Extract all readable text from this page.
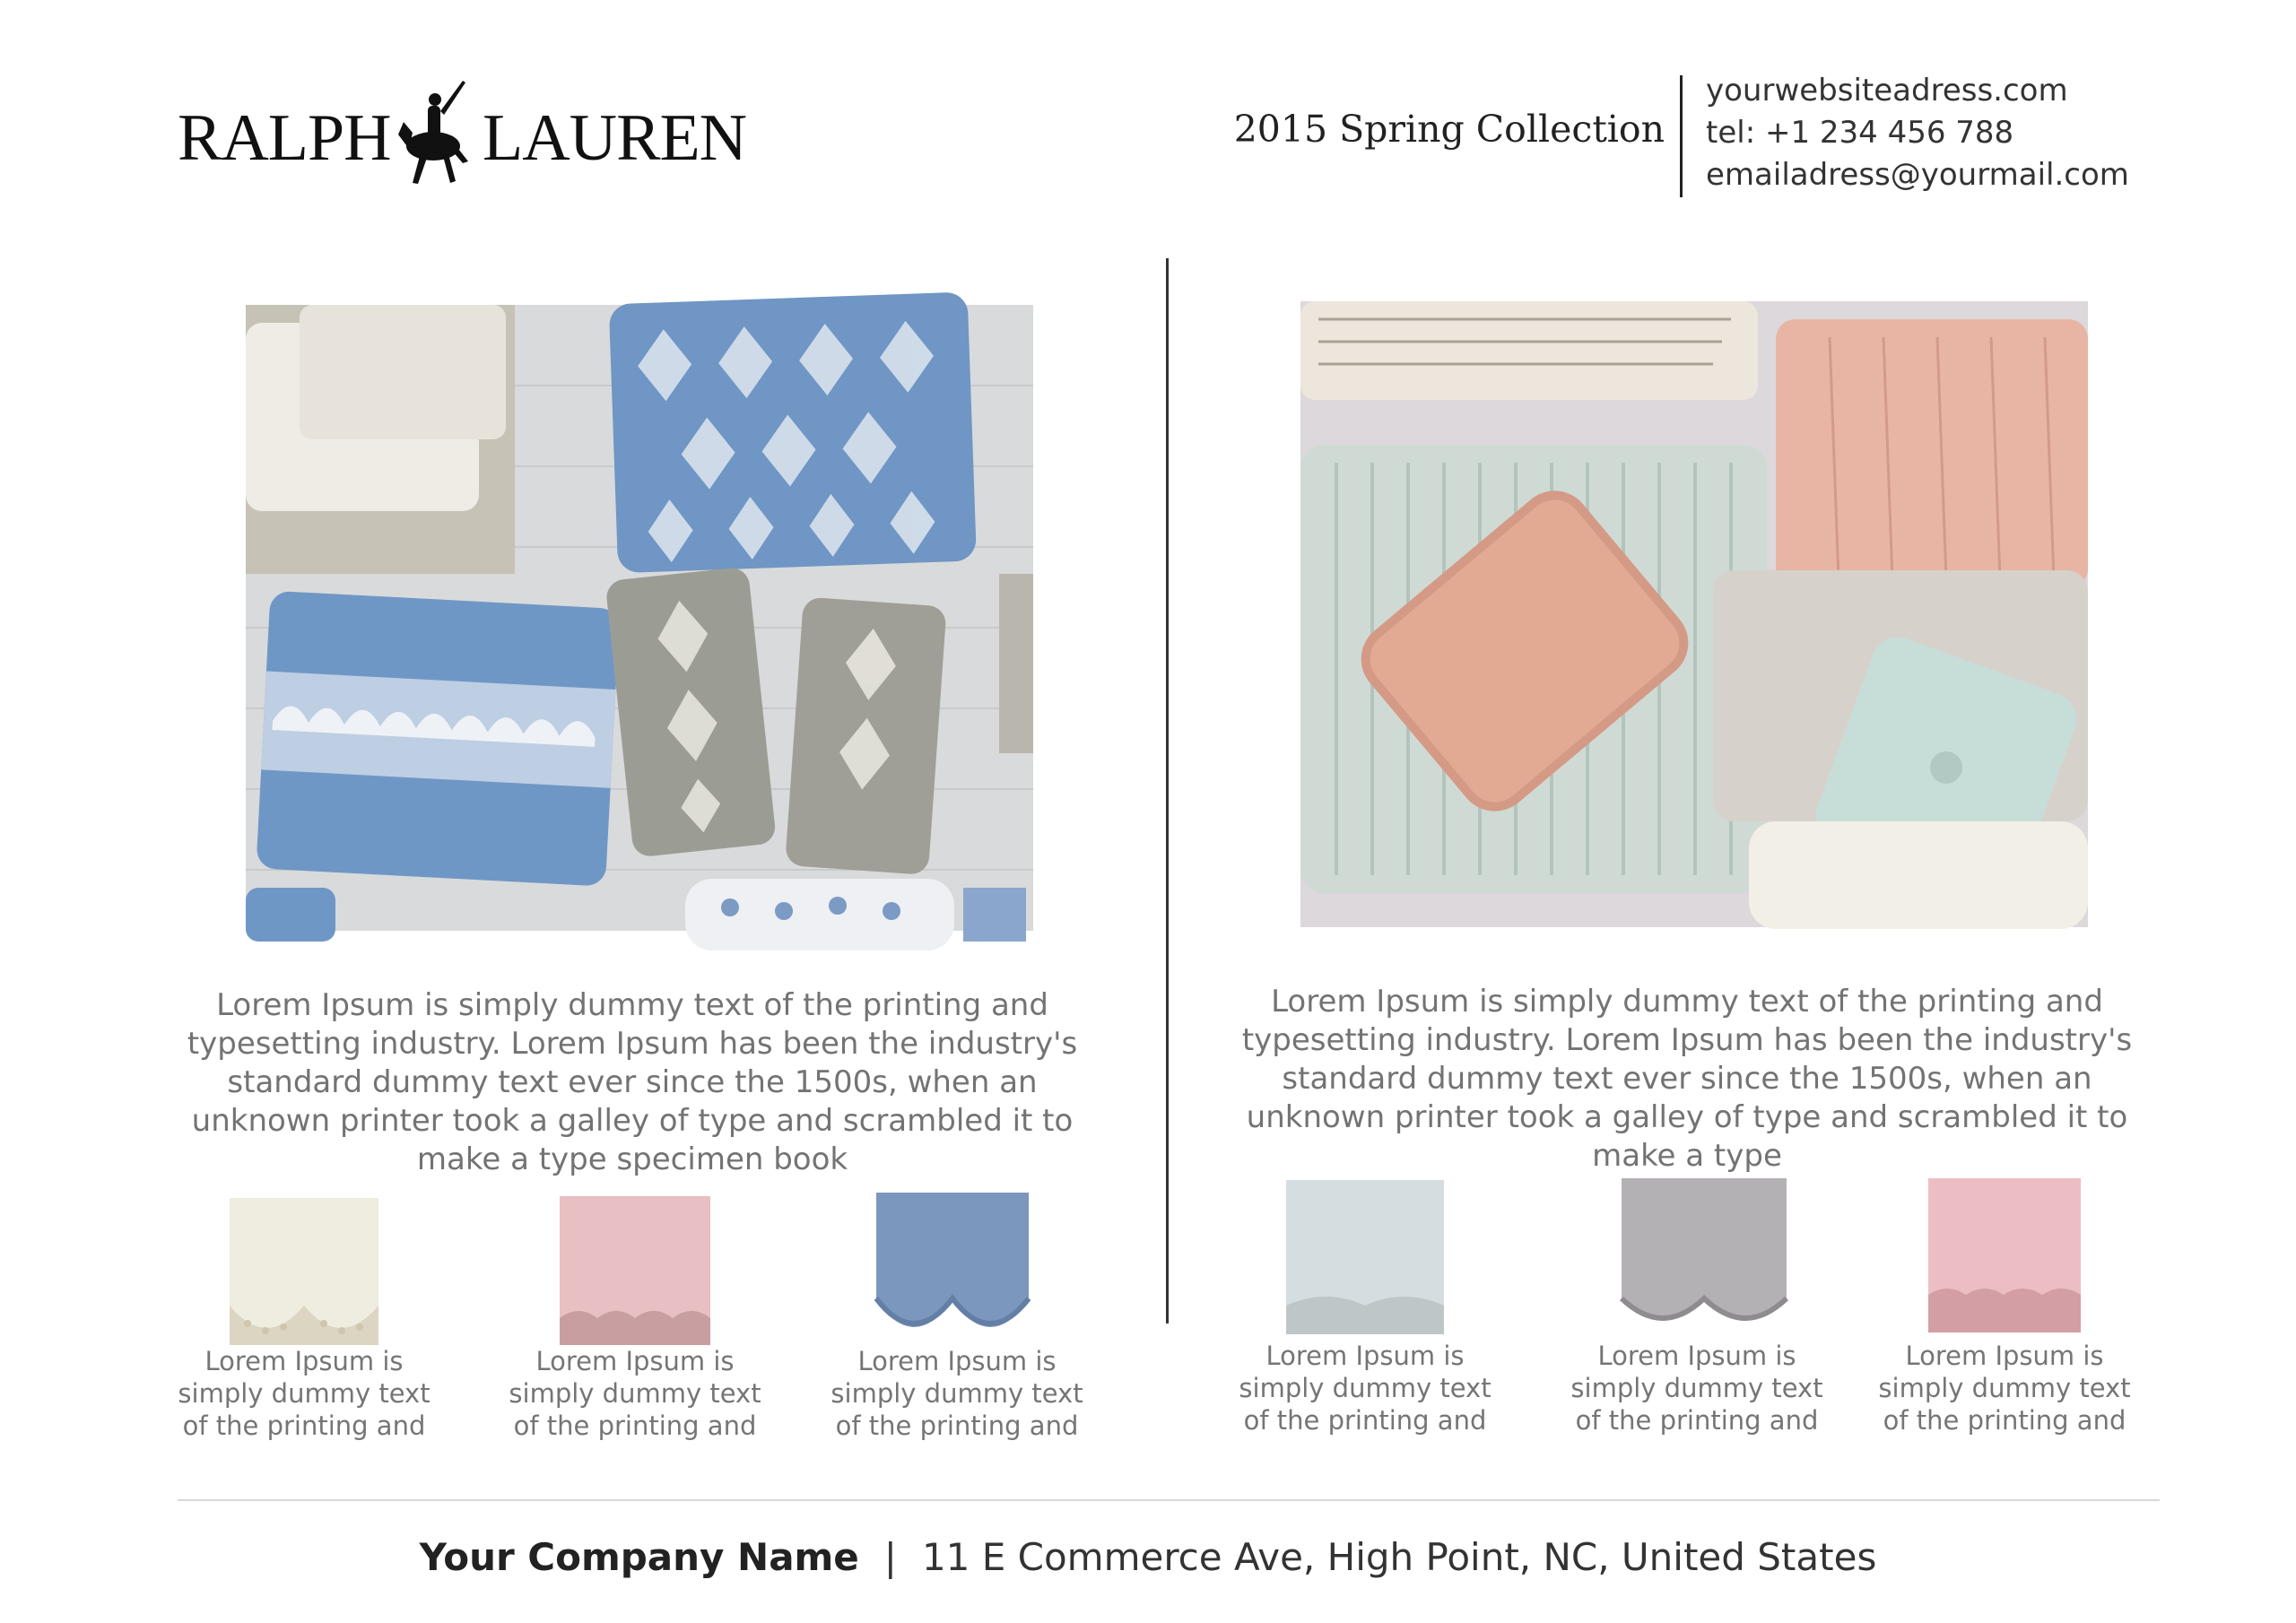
RALPH LAUREN	2015 Spring Collection
yourwebsiteadress.com
tel: +1 234 456 788
emailadress@yourmail.com
Lorem Ipsum is simply dummy text of the printing and typesetting industry. Lorem Ipsum has been the industry's standard dummy text ever since the 1500s, when an unknown printer took a galley of type and scrambled it to make a type specimen book
Lorem Ipsum is simply dummy text of the printing and typesetting industry. Lorem Ipsum has been the industry's standard dummy text ever since the 1500s, when an unknown printer took a galley of type and scrambled it to make a type
Lorem Ipsum is simply dummy text of the printing and
Lorem Ipsum is simply dummy text of the printing and
Lorem Ipsum is simply dummy text of the printing and
Lorem Ipsum is simply dummy text of the printing and
Lorem Ipsum is simply dummy text of the printing and
Lorem Ipsum is simply dummy text of the printing and
Your Company Name | 11 E Commerce Ave, High Point, NC, United States
